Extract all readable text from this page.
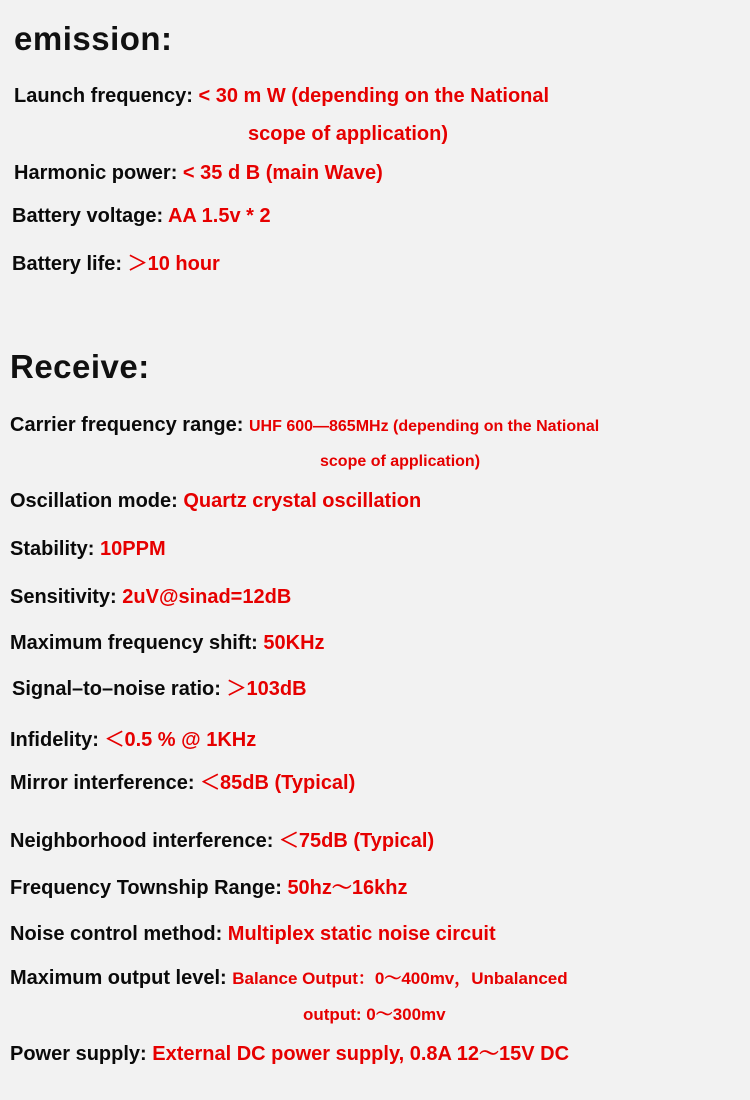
emission:
Launch frequency: < 30 m W (depending on the National
scope of application)
Harmonic power: < 35 d B (main Wave)
Battery voltage: AA 1.5v * 2
Battery life: ＞10 hour
Receive:
Carrier frequency range: UHF 600—865MHz (depending on the National
scope of application)
Oscillation mode: Quartz crystal oscillation
Stability: 10PPM
Sensitivity: 2uV@sinad=12dB
Maximum frequency shift: 50KHz
Signal–to–noise ratio: ＞103dB
Infidelity: ＜0.5 % @ 1KHz
Mirror interference: ＜85dB (Typical)
Neighborhood interference: ＜75dB (Typical)
Frequency Township Range: 50hz～16khz
Noise control method: Multiplex static noise circuit
Maximum output level: Balance Output：0～400mv，Unbalanced
output: 0～300mv
Power supply: External DC power supply, 0.8A 12～15V DC
